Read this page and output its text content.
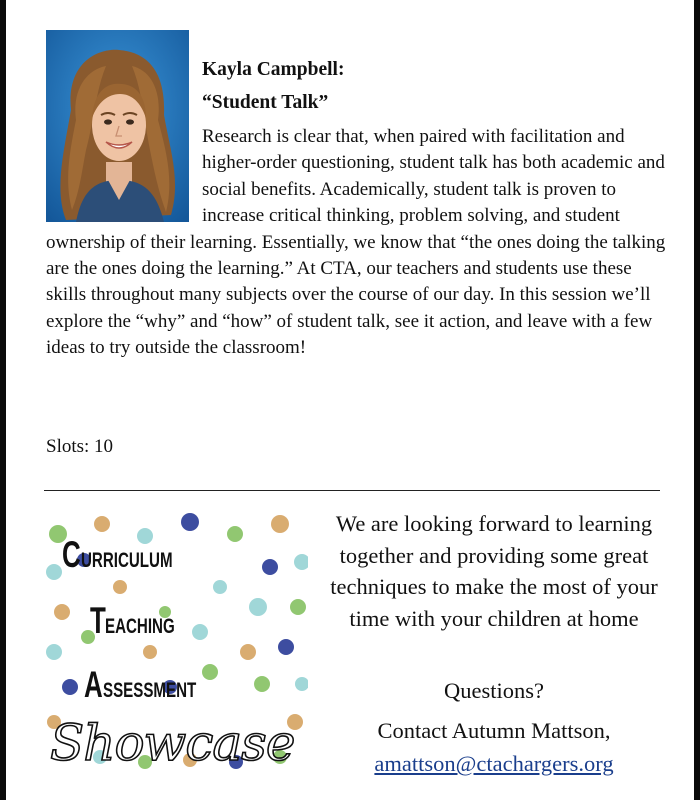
Kayla Campbell:
“Student Talk”
Research is clear that, when paired with facilitation and higher-order questioning, student talk has both academic and social benefits. Academically, student talk is proven to increase critical thinking, problem solving, and student ownership of their learning. Essentially, we know that “the ones doing the talking are the ones doing the learning.” At CTA, our teachers and students use these skills throughout many subjects over the course of our day. In this session we’ll explore the “why” and “how” of student talk, see it action, and leave with a few ideas to try outside the classroom!
Slots: 10
CURRICULUM
TEACHING
ASSESSMENT
Showcase
We are looking forward to learning together and providing some great techniques to make the most of your time with your children at home
Questions?
Contact Autumn Mattson,
amattson@ctachargers.org
